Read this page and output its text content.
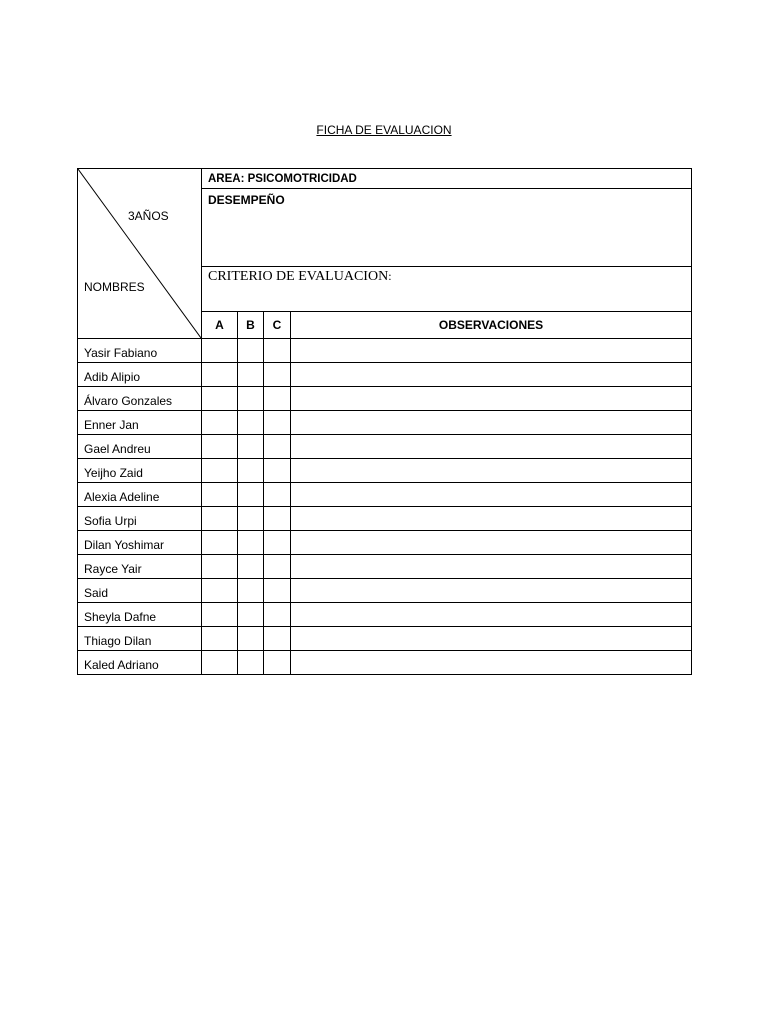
FICHA DE EVALUACION
3AÑOS
NOMBRES	AREA: PSICOMOTRICIDAD			
	DESEMPEÑO			
	CRITERIO DE EVALUACION:			
	A	B	C	OBSERVACIONES
Yasir Fabiano				
Adib Alipio				
Álvaro Gonzales				
Enner Jan				
Gael Andreu				
Yeijho Zaid				
Alexia Adeline				
Sofia Urpi				
Dilan Yoshimar				
Rayce Yair				
Said				
Sheyla Dafne				
Thiago Dilan				
Kaled Adriano				
